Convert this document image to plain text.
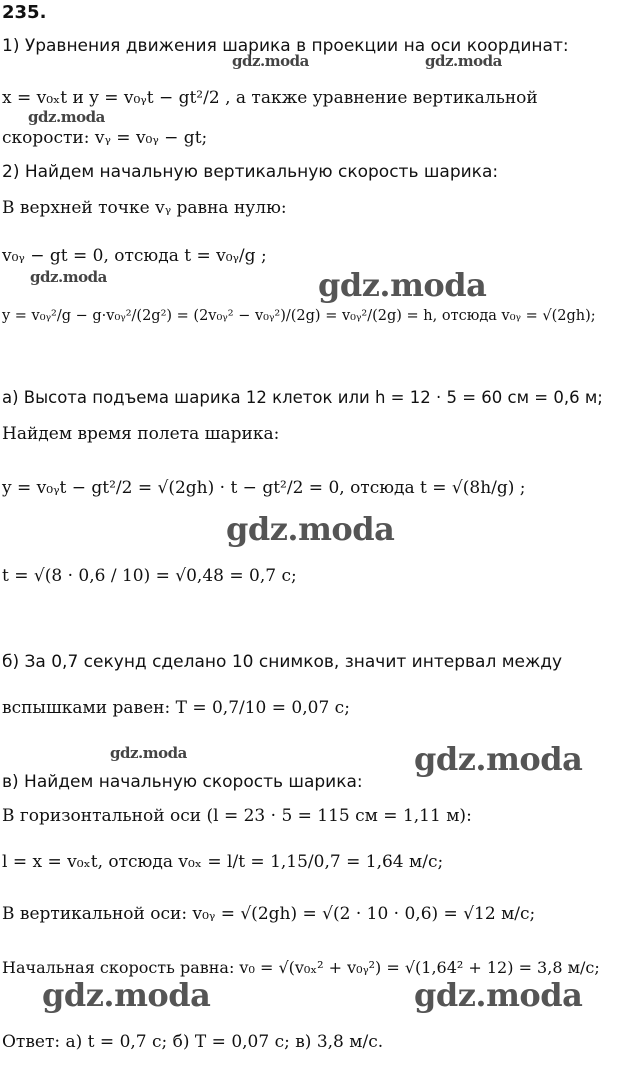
235.
1) Уравнения движения шарика в проекции на оси координат:
x = v₀ₓt и y = v₀ᵧt − gt²/2 , а также уравнение вертикальной
скорости: vᵧ = v₀ᵧ − gt;
2) Найдем начальную вертикальную скорость шарика:
В верхней точке vᵧ равна нулю:
v₀ᵧ − gt = 0, отсюда t = v₀ᵧ/g ;
y = v₀ᵧ²/g − g·v₀ᵧ²/(2g²) = (2v₀ᵧ² − v₀ᵧ²)/(2g) = v₀ᵧ²/(2g) = h, отсюда v₀ᵧ = √(2gh);
а) Высота подъема шарика 12 клеток или h = 12 · 5 = 60 см = 0,6 м;
Найдем время полета шарика:
y = v₀ᵧt − gt²/2 = √(2gh) · t − gt²/2 = 0, отсюда t = √(8h/g) ;
t = √(8 · 0,6 / 10) = √0,48 = 0,7 с;
б) За 0,7 секунд сделано 10 снимков, значит интервал между
вспышками равен: T = 0,7/10 = 0,07 с;
в) Найдем начальную скорость шарика:
В горизонтальной оси (l = 23 · 5 = 115 см = 1,11 м):
l = x = v₀ₓt, отсюда v₀ₓ = l/t = 1,15/0,7 = 1,64 м/с;
В вертикальной оси: v₀ᵧ = √(2gh) = √(2 · 10 · 0,6) = √12 м/с;
Начальная скорость равна: v₀ = √(v₀ₓ² + v₀ᵧ²) = √(1,64² + 12) = 3,8 м/с;
Ответ: а) t = 0,7 с; б) T = 0,07 с; в) 3,8 м/с.
gdz.moda	gdz.moda
gdz.moda
gdz.moda	gdz.moda
gdz.moda
gdz.moda	gdz.moda
gdz.moda	gdz.moda
